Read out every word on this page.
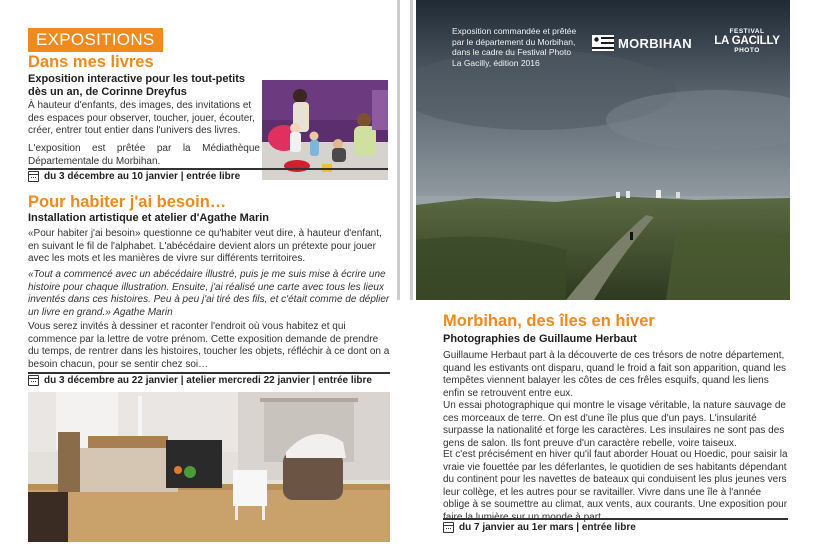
EXPOSITIONS
Dans mes livres
Exposition interactive pour les tout-petits dès un an, de Corinne Dreyfus

À hauteur d'enfants, des images, des invitations et des espaces pour observer, toucher, jouer, écouter, créer, entrer tout entier dans l'univers des livres.

L'exposition est prêtée par la Médiathèque Départementale du Morbihan.

du 3 décembre au 10 janvier | entrée libre
Pour habiter j'ai besoin…
Installation artistique et atelier d'Agathe Marin

«Pour habiter j'ai besoin» questionne ce qu'habiter veut dire, à hauteur d'enfant, en suivant le fil de l'alphabet. L'abécédaire devient alors un prétexte pour jouer avec les mots et les manières de vivre sur différents territoires.

«Tout a commencé avec un abécédaire illustré, puis je me suis mise à écrire une histoire pour chaque illustration. Ensuite, j'ai réalisé une carte avec tous les lieux inventés dans ces histoires. Peu à peu j'ai tiré des fils, et c'était comme de déplier un livre en grand.» Agathe Marin

Vous serez invités à dessiner et raconter l'endroit où vous habitez et qui commence par la lettre de votre prénom. Cette exposition demande de prendre du temps, de rentrer dans les histoires, toucher les objets, réfléchir à ce dont on a besoin chacun, pour se sentir chez soi…

du 3 décembre au 22 janvier | atelier mercredi 22 janvier | entrée libre
Exposition commandée et prêtée par le département du Morbihan, dans le cadre du Festival Photo La Gacilly, édition 2016
MORBIHAN
FESTIVAL
LA GACILLY
PHOTO
Morbihan, des îles en hiver
Photographies de Guillaume Herbaut

Guillaume Herbaut part à la découverte de ces trésors de notre département, quand les estivants ont disparu, quand le froid a fait son apparition, quand les tempêtes viennent balayer les côtes de ces frêles esquifs, quand les liens enfin se retrouvent entre eux.

Un essai photographique qui montre le visage véritable, la nature sauvage de ces morceaux de terre. On est d'une île plus que d'un pays. L'insularité surpasse la nationalité et forge les caractères. Les insulaires ne sont pas des gens de salon. Ils font preuve d'un caractère rebelle, voire taiseux.

Et c'est précisément en hiver qu'il faut aborder Houat ou Hoedic, pour saisir la vraie vie fouettée par les déferlantes, le quotidien de ses habitants dépendant du continent pour les navettes de bateaux qui conduisent les plus jeunes vers leur collège, et les autres pour se ravitailler. Vivre dans une île à l'année oblige à se soumettre au climat, aux vents, aux courants. Une exposition pour

du 7 janvier au 1er mars | entrée libre
